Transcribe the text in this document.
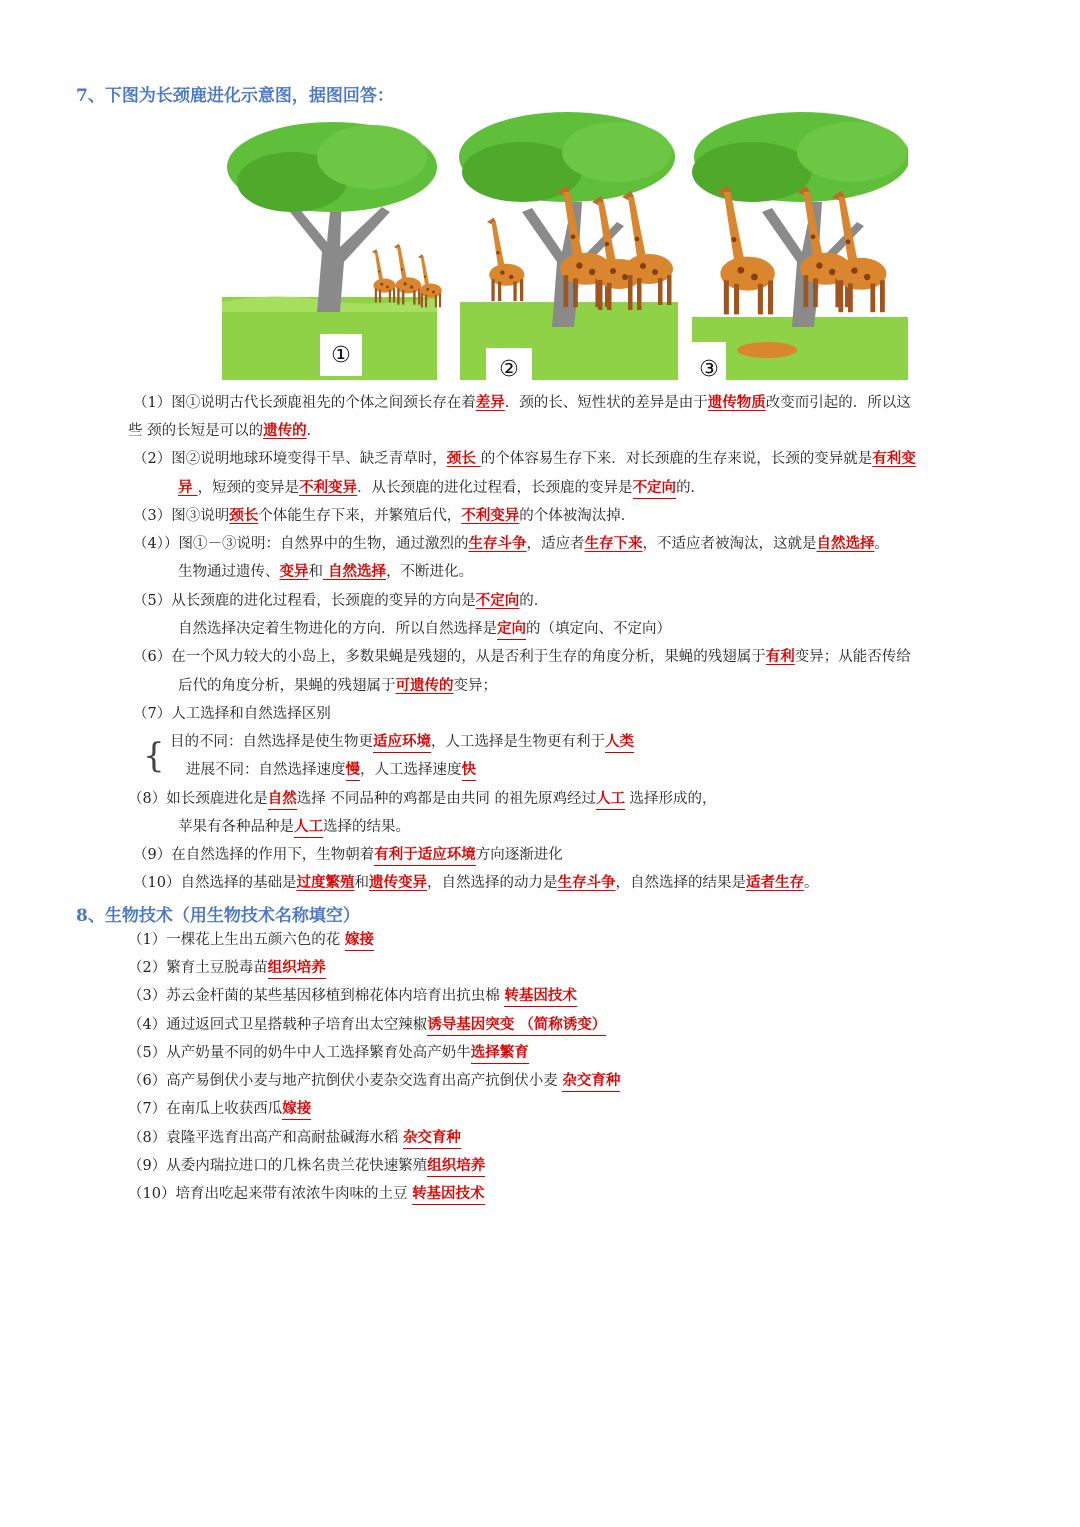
7、下图为长颈鹿进化示意图，据图回答：
①
②	③
（1）图①说明古代长颈鹿祖先的个体之间颈长存在着差异．颈的长、短性状的差异是由于遗传物质改变而引起的．所以这
些 颈的长短是可以的遗传的．
（2）图②说明地球环境变得干旱、缺乏青草时，颈长 的个体容易生存下来．对长颈鹿的生存来说，长颈的变异就是有利变
异 ，短颈的变异是不利变异．从长颈鹿的进化过程看，长颈鹿的变异是不定向的．
（3）图③说明颈长个体能生存下来，并繁殖后代，不利变异的个体被淘汰掉．
（4））图①－③说明：自然界中的生物，通过激烈的生存斗争，适应者生存下来，不适应者被淘汰，这就是自然选择。
生物通过遗传、变异和 自然选择，不断进化。
（5）从长颈鹿的进化过程看，长颈鹿的变异的方向是不定向的．
自然选择决定着生物进化的方向．所以自然选择是定向的（填定向、不定向）
（6）在一个风力较大的小岛上，多数果蝇是残翅的，从是否利于生存的角度分析，果蝇的残翅属于有利变异；从能否传给
后代的角度分析，果蝇的残翅属于可遗传的变异；
（7）人工选择和自然选择区别
{ 目的不同：自然选择是使生物更适应环境，人工选择是生物更有利于人类
进展不同：自然选择速度慢，人工选择速度快
（8）如长颈鹿进化是自然选择 不同品种的鸡都是由共同 的祖先原鸡经过人工 选择形成的，
苹果有各种品种是人工选择的结果。
（9）在自然选择的作用下，生物朝着有利于适应环境方向逐渐进化
（10）自然选择的基础是过度繁殖和遗传变异，自然选择的动力是生存斗争，自然选择的结果是适者生存。
8、生物技术（用生物技术名称填空）
（1）一棵花上生出五颜六色的花 嫁接
（2）繁育土豆脱毒苗组织培养
（3）苏云金杆菌的某些基因移植到棉花体内培育出抗虫棉 转基因技术
（4）通过返回式卫星搭载种子培育出太空辣椒诱导基因突变 （简称诱变）
（5）从产奶量不同的奶牛中人工选择繁育处高产奶牛选择繁育
（6）高产易倒伏小麦与地产抗倒伏小麦杂交选育出高产抗倒伏小麦 杂交育种
（7）在南瓜上收获西瓜嫁接
（8）袁隆平选育出高产和高耐盐碱海水稻 杂交育种
（9）从委内瑞拉进口的几株名贵兰花快速繁殖组织培养
（10）培育出吃起来带有浓浓牛肉味的土豆 转基因技术
